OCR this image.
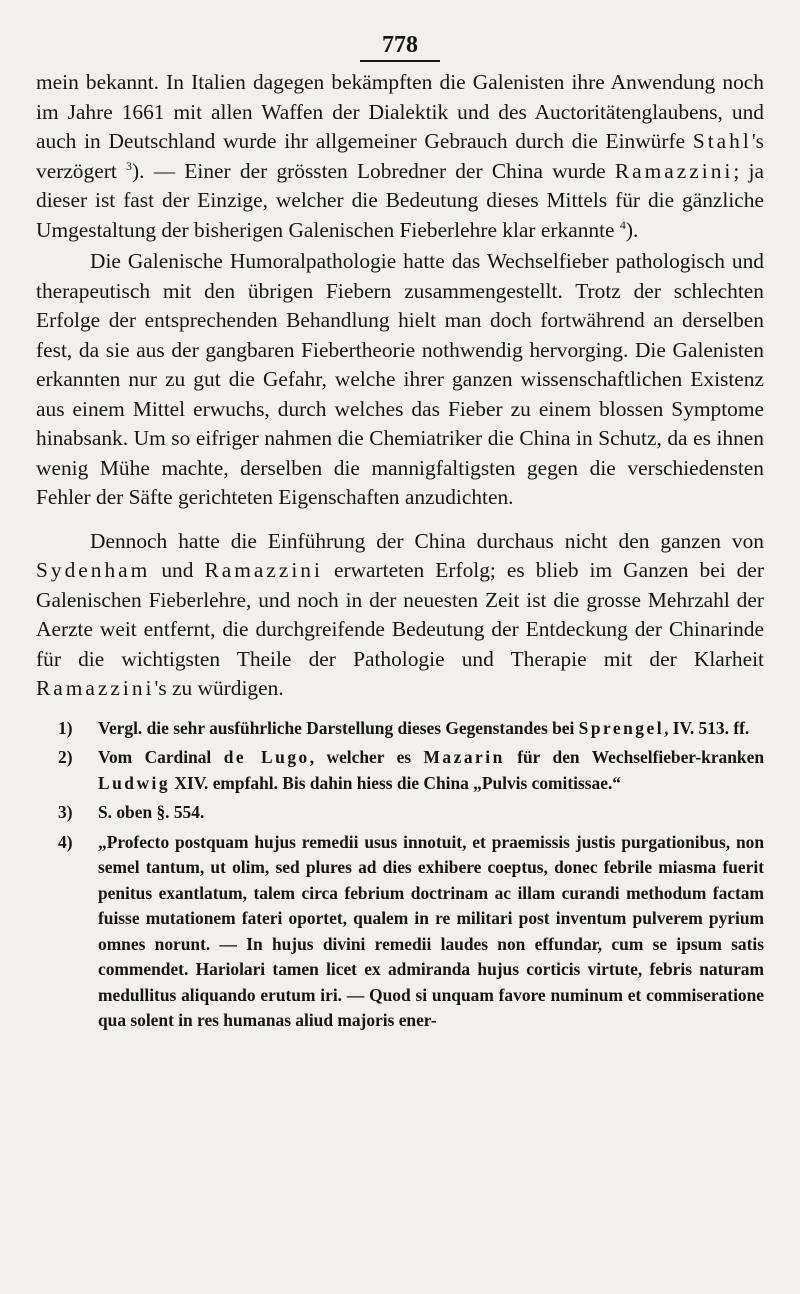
778

mein bekannt. In Italien dagegen bekämpften die Galenisten ihre Anwendung noch im Jahre 1661 mit allen Waffen der Dialektik und des Auctoritätenglaubens, und auch in Deutschland wurde ihr allgemeiner Gebrauch durch die Einwürfe Stahl's verzögert $^3$). — Einer der grössten Lobredner der China wurde Ramazzini; ja dieser ist fast der Einzige, welcher die Bedeutung dieses Mittels für die gänzliche Umgestaltung der bisherigen Galenischen Fieberlehre klar erkannte $^4$).

Die Galenische Humoralpathologie hatte das Wechselfieber pathologisch und therapeutisch mit den übrigen Fiebern zusammengestellt. Trotz der schlechten Erfolge der entsprechenden Behandlung hielt man doch fortwährend an derselben fest, da sie aus der gangbaren Fiebertheorie nothwendig hervorging. Die Galenisten erkannten nur zu gut die Gefahr, welche ihrer ganzen wissenschaftlichen Existenz aus einem Mittel erwuchs, durch welches das Fieber zu einem blossen Symptome hinabsank. Um so eifriger nahmen die Chemiatriker die China in Schutz, da es ihnen wenig Mühe machte, derselben die mannigfaltigsten gegen die verschiedensten Fehler der Säfte gerichteten Eigenschaften anzudichten.

Dennoch hatte die Einführung der China durchaus nicht den ganzen von Sydenham und Ramazzini erwarteten Erfolg; es blieb im Ganzen bei der Galenischen Fieberlehre, und noch in der neuesten Zeit ist die grosse Mehrzahl der Aerzte weit entfernt, die durchgreifende Bedeutung der Entdeckung der Chinarinde für die wichtigsten Theile der Pathologie und Therapie mit der Klarheit Ramazzini's zu würdigen.

1)	Vergl. die sehr ausführliche Darstellung dieses Gegenstandes bei Sprengel, IV. 513. ff.
2)	Vom Cardinal de Lugo, welcher es Mazarin für den Wechselfieber-kranken Ludwig XIV. empfahl. Bis dahin hiess die China „Pulvis comitissae.“
3)	S. oben §. 554.
4)	„Profecto postquam hujus remedii usus innotuit, et praemissis justis purgationibus, non semel tantum, ut olim, sed plures ad dies exhibere coeptus, donec febrile miasma fuerit penitus exantlatum, talem circa febrium doctrinam ac illam curandi methodum factam fuisse mutationem fateri oportet, qualem in re militari post inventum pulverem pyrium omnes norunt. — In hujus divini remedii laudes non effundar, cum se ipsum satis commendet. Hariolari tamen licet ex admiranda hujus corticis virtute, febris naturam medullitus aliquando erutum iri. — Quod si unquam favore numinum et commiseratione qua solent in res humanas aliud majoris ener-
